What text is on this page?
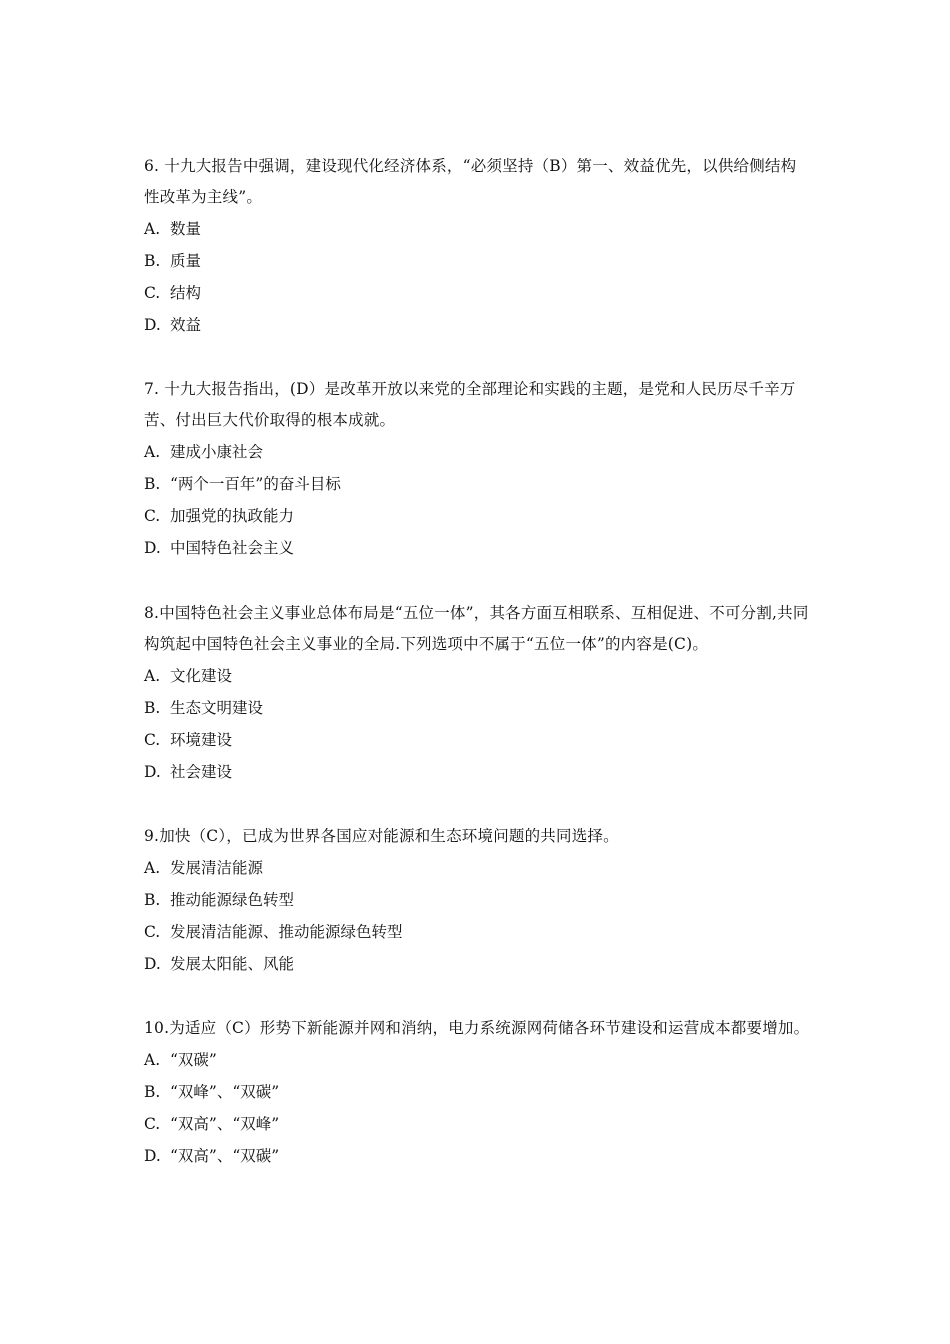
6. 十九大报告中强调，建设现代化经济体系，“必须坚持（B）第一、效益优先，以供给侧结构性改革为主线”。

A. 数量
B. 质量
C. 结构
D. 效益

7. 十九大报告指出，(D）是改革开放以来党的全部理论和实践的主题，是党和人民历尽千辛万苦、付出巨大代价取得的根本成就。

A. 建成小康社会
B. “两个一百年”的奋斗目标
C. 加强党的执政能力
D. 中国特色社会主义

8.中国特色社会主义事业总体布局是“五位一体”，其各方面互相联系、互相促进、不可分割,共同构筑起中国特色社会主义事业的全局.下列选项中不属于“五位一体”的内容是(C)。

A. 文化建设
B. 生态文明建设
C. 环境建设
D. 社会建设

9.加快（C），已成为世界各国应对能源和生态环境问题的共同选择。

A. 发展清洁能源
B. 推动能源绿色转型
C. 发展清洁能源、推动能源绿色转型
D. 发展太阳能、风能

10.为适应（C）形势下新能源并网和消纳，电力系统源网荷储各环节建设和运营成本都要增加。

A. “双碳”
B. “双峰”、“双碳”
C. “双高”、“双峰”
D. “双高”、“双碳”
